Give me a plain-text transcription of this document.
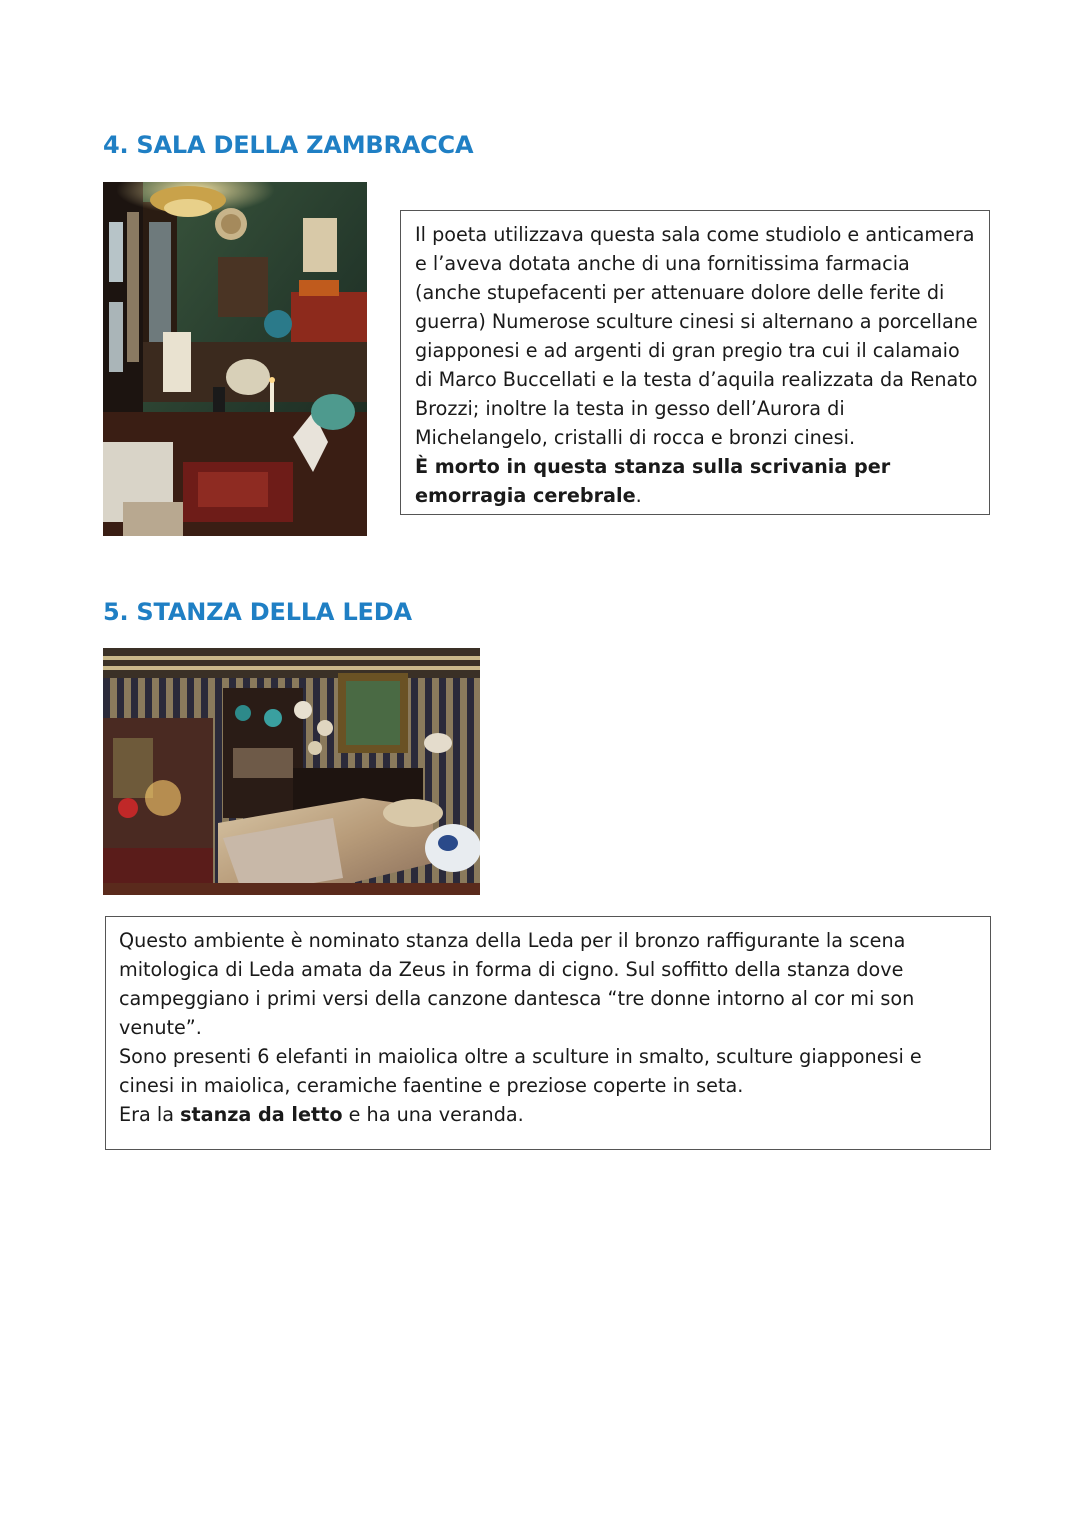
4. SALA DELLA ZAMBRACCA

Il poeta utilizzava questa sala come studiolo e anticamera e l’aveva dotata anche di una fornitissima farmacia (anche stupefacenti per attenuare dolore delle ferite di guerra) Numerose sculture cinesi si alternano a porcellane giapponesi e ad argenti di gran pregio tra cui il calamaio di Marco Buccellati e la testa d’aquila realizzata da Renato Brozzi; inoltre la testa in gesso dell’Aurora di Michelangelo, cristalli di rocca e bronzi cinesi.
È morto in questa stanza sulla scrivania per emorragia cerebrale.

5. STANZA DELLA LEDA

Questo ambiente è nominato stanza della Leda per il bronzo raffigurante la scena mitologica di Leda amata da Zeus in forma di cigno. Sul soffitto della stanza dove campeggiano i primi versi della canzone dantesca “tre donne intorno al cor mi son venute”.

Sono presenti 6 elefanti in maiolica oltre a sculture in smalto, sculture giapponesi e cinesi in maiolica, ceramiche faentine e preziose coperte in seta.

Era la stanza da letto e ha una veranda.
